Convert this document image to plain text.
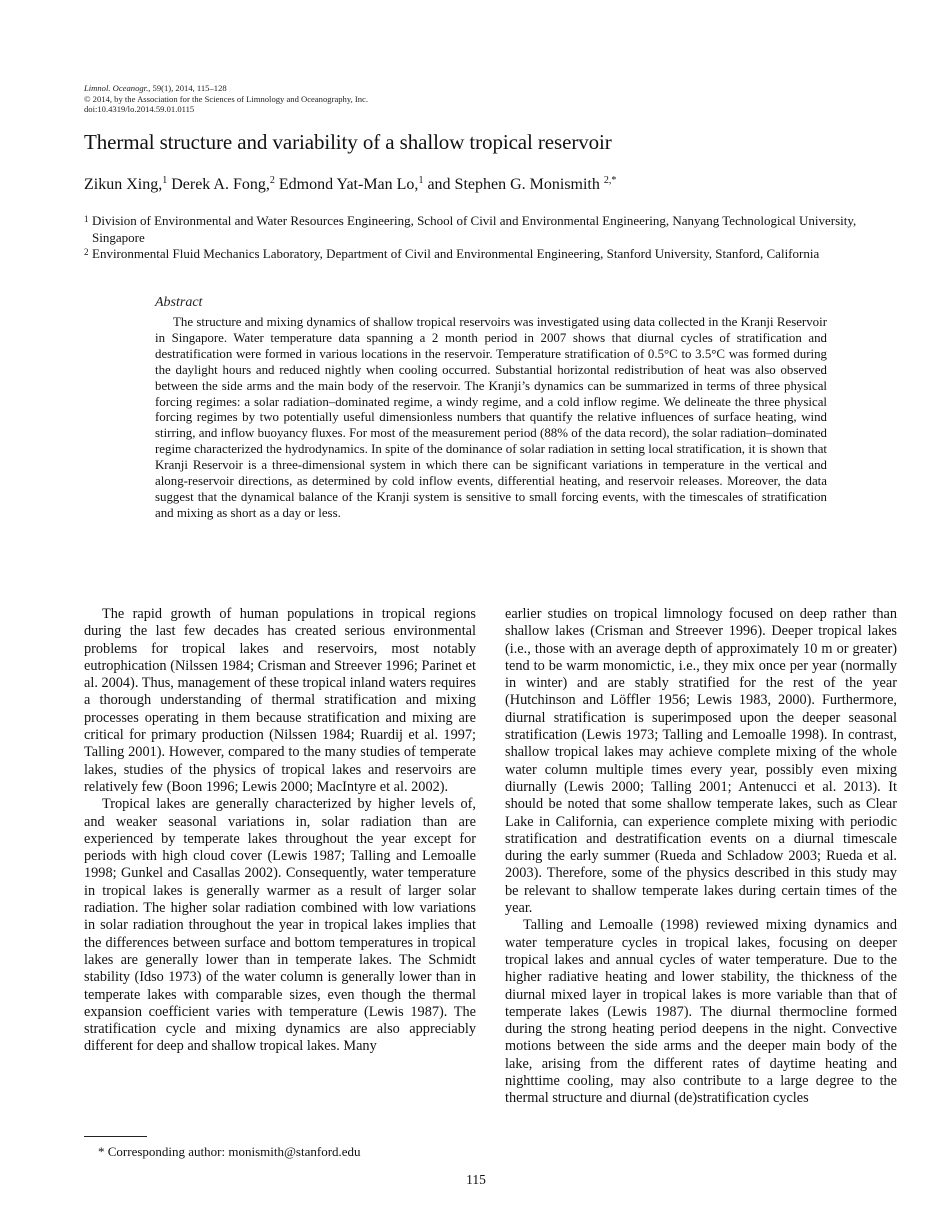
Limnol. Oceanogr., 59(1), 2014, 115–128
© 2014, by the Association for the Sciences of Limnology and Oceanography, Inc.
doi:10.4319/lo.2014.59.01.0115
Thermal structure and variability of a shallow tropical reservoir
Zikun Xing,$^1$ Derek A. Fong,$^2$ Edmond Yat-Man Lo,$^1$ and Stephen G. Monismith $^{2,*}$
1 Division of Environmental and Water Resources Engineering, School of Civil and Environmental Engineering, Nanyang Technological University, Singapore
2 Environmental Fluid Mechanics Laboratory, Department of Civil and Environmental Engineering, Stanford University, Stanford, California
Abstract

The structure and mixing dynamics of shallow tropical reservoirs was investigated using data collected in the Kranji Reservoir in Singapore. Water temperature data spanning a 2 month period in 2007 shows that diurnal cycles of stratification and destratification were formed in various locations in the reservoir. Temperature stratification of 0.5°C to 3.5°C was formed during the daylight hours and reduced nightly when cooling occurred. Substantial horizontal redistribution of heat was also observed between the side arms and the main body of the reservoir. The Kranji’s dynamics can be summarized in terms of three physical forcing regimes: a solar radiation–dominated regime, a windy regime, and a cold inflow regime. We delineate the three physical forcing regimes by two potentially useful dimensionless numbers that quantify the relative influences of surface heating, wind stirring, and inflow buoyancy fluxes. For most of the measurement period (88% of the data record), the solar radiation–dominated regime characterized the hydrodynamics. In spite of the dominance of solar radiation in setting local stratification, it is shown that Kranji Reservoir is a three-dimensional system in which there can be significant variations in temperature in the vertical and along-reservoir directions, as determined by cold inflow events, differential heating, and reservoir releases. Moreover, the data suggest that the dynamical balance of the Kranji system is sensitive to small forcing events, with the timescales of stratification and mixing as short as a day or less.

The rapid growth of human populations in tropical regions during the last few decades has created serious environmental problems for tropical lakes and reservoirs, most notably eutrophication (Nilssen 1984; Crisman and Streever 1996; Parinet et al. 2004). Thus, management of these tropical inland waters requires a thorough understanding of thermal stratification and mixing processes operating in them because stratification and mixing are critical for primary production (Nilssen 1984; Ruardij et al. 1997; Talling 2001). However, compared to the many studies of temperate lakes, studies of the physics of tropical lakes and reservoirs are relatively few (Boon 1996; Lewis 2000; MacIntyre et al. 2002).

Tropical lakes are generally characterized by higher levels of, and weaker seasonal variations in, solar radiation than are experienced by temperate lakes throughout the year except for periods with high cloud cover (Lewis 1987; Talling and Lemoalle 1998; Gunkel and Casallas 2002). Consequently, water temperature in tropical lakes is generally warmer as a result of larger solar radiation. The higher solar radiation combined with low variations in solar radiation throughout the year in tropical lakes implies that the differences between surface and bottom temperatures in tropical lakes are generally lower than in temperate lakes. The Schmidt stability (Idso 1973) of the water column is generally lower than in temperate lakes with comparable sizes, even though the thermal expansion coefficient varies with temperature (Lewis 1987). The stratification cycle and mixing dynamics are also appreciably different for deep and shallow tropical lakes. Many

earlier studies on tropical limnology focused on deep rather than shallow lakes (Crisman and Streever 1996). Deeper tropical lakes (i.e., those with an average depth of approximately 10 m or greater) tend to be warm monomictic, i.e., they mix once per year (normally in winter) and are stably stratified for the rest of the year (Hutchinson and Löffler 1956; Lewis 1983, 2000). Furthermore, diurnal stratification is superimposed upon the deeper seasonal stratification (Lewis 1973; Talling and Lemoalle 1998). In contrast, shallow tropical lakes may achieve complete mixing of the whole water column multiple times every year, possibly even mixing diurnally (Lewis 2000; Talling 2001; Antenucci et al. 2013). It should be noted that some shallow temperate lakes, such as Clear Lake in California, can experience complete mixing with periodic stratification and destratification events on a diurnal timescale during the early summer (Rueda and Schladow 2003; Rueda et al. 2003). Therefore, some of the physics described in this study may be relevant to shallow temperate lakes during certain times of the year.

Talling and Lemoalle (1998) reviewed mixing dynamics and water temperature cycles in tropical lakes, focusing on deeper tropical lakes and annual cycles of water temperature. Due to the higher radiative heating and lower stability, the thickness of the diurnal mixed layer in tropical lakes is more variable than that of temperate lakes (Lewis 1987). The diurnal thermocline formed during the strong heating period deepens in the night. Convective motions between the side arms and the deeper main body of the lake, arising from the different rates of daytime heating and nighttime cooling, may also contribute to a large degree to the thermal structure and diurnal (de)stratification cycles

* Corresponding author: monismith@stanford.edu
115
